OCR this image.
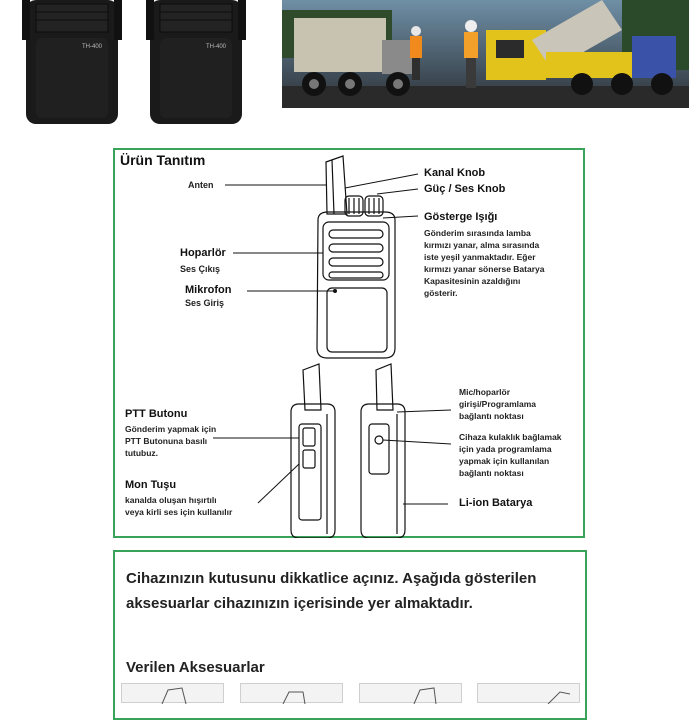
TH-400	TH-400
Ürün Tanıtım
Anten
Kanal Knob
Güç / Ses Knob
Gösterge Işığı
Gönderim sırasında lamba kırmızı yanar, alma sırasında iste yeşil yanmaktadır. Eğer kırmızı yanar sönerse Batarya Kapasitesinin azaldığını gösterir.
Hoparlör
Ses Çıkış
Mikrofon
Ses Giriş
PTT Butonu
Gönderim yapmak için PTT Butonuna basılı tutubuz.
Mon Tuşu
kanalda oluşan hışırtılı veya kirli ses için kullanılır
Mic/hoparlör girişi/Programlama bağlantı noktası
Cihaza kulaklık bağlamak için yada programlama yapmak için kullanılan bağlantı noktası
Li-ion Batarya
Cihazınızın kutusunu dikkatlice açınız. Aşağıda gösterilen aksesuarlar cihazınızın içerisinde yer almaktadır.
Verilen Aksesuarlar
